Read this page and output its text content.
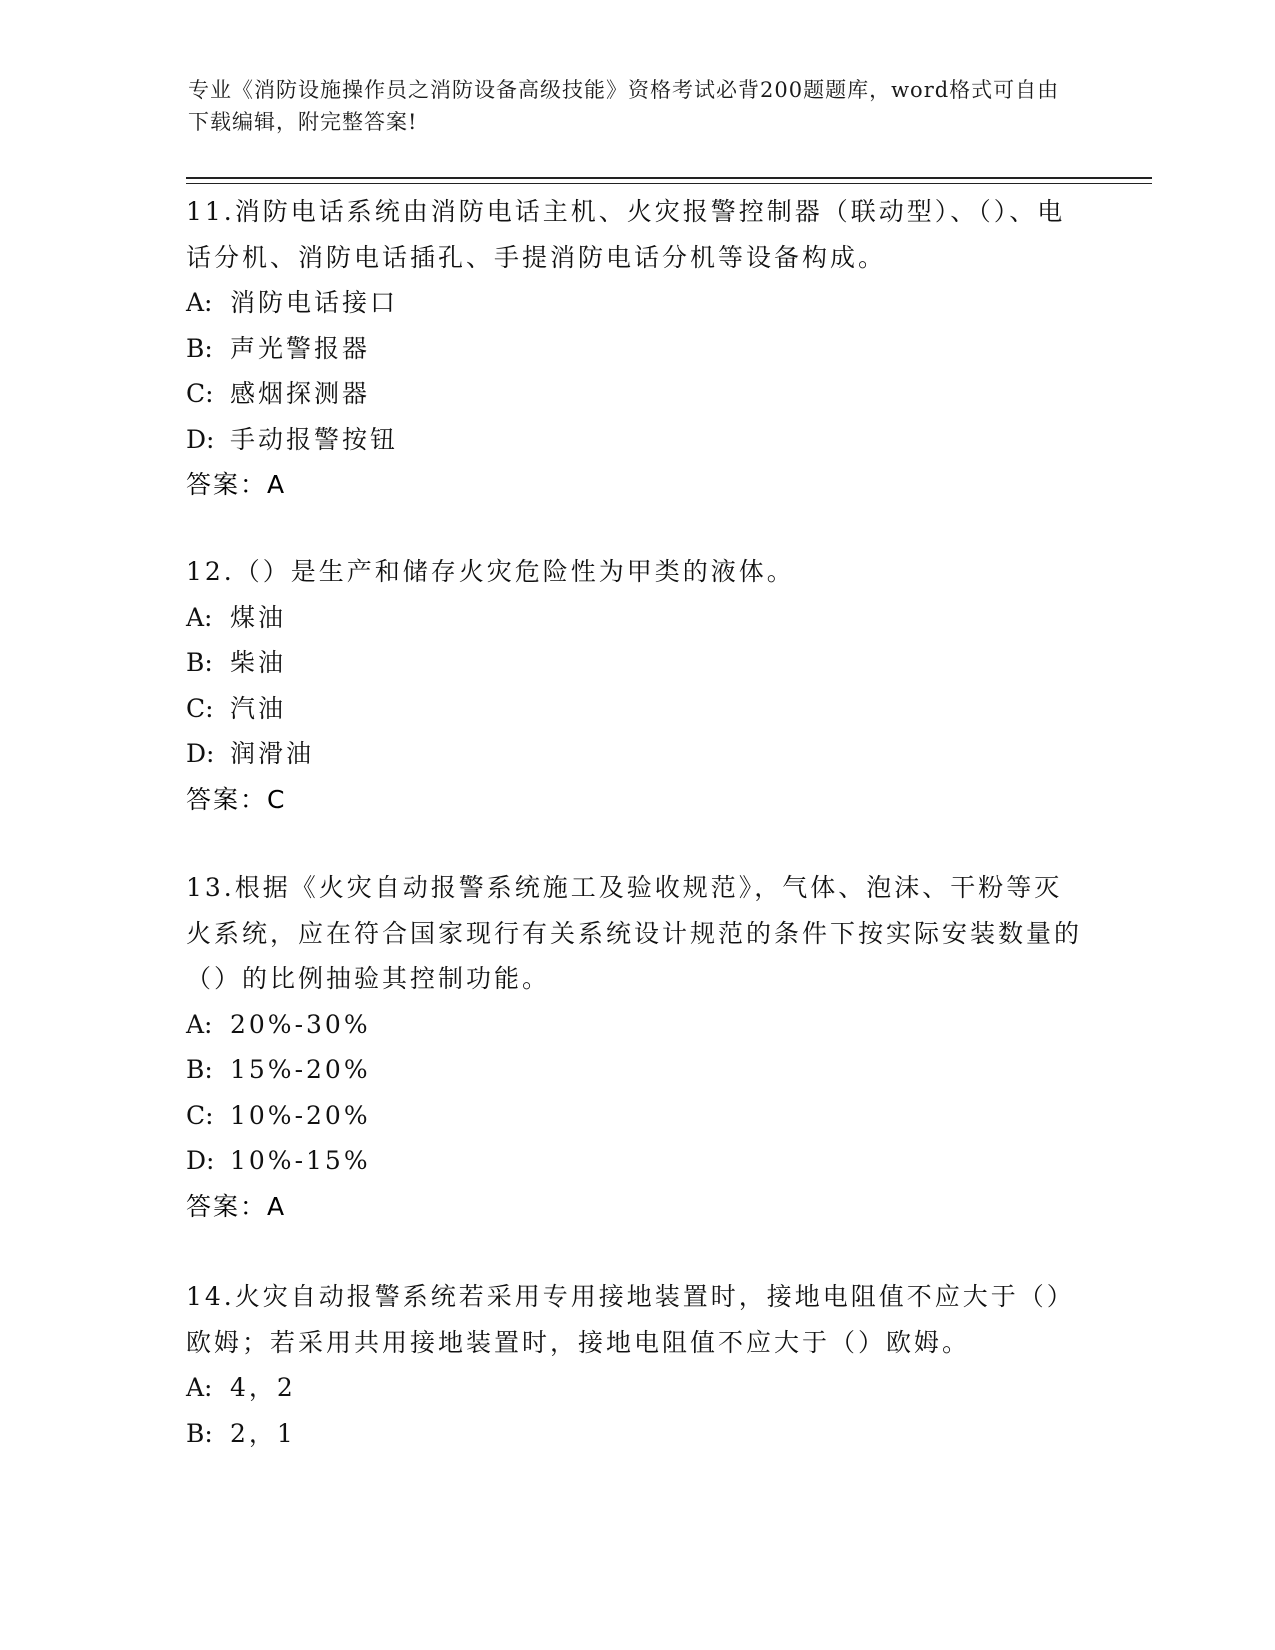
专业《消防设施操作员之消防设备高级技能》资格考试必背200题题库，word格式可自由下载编辑，附完整答案!
11.消防电话系统由消防电话主机、火灾报警控制器（联动型）、（）、电话分机、消防电话插孔、手提消防电话分机等设备构成。
A: 消防电话接口
B: 声光警报器
C: 感烟探测器
D: 手动报警按钮
答案：A
12.（）是生产和储存火灾危险性为甲类的液体。
A: 煤油
B: 柴油
C: 汽油
D: 润滑油
答案：C
13.根据《火灾自动报警系统施工及验收规范》，气体、泡沫、干粉等灭火系统，应在符合国家现行有关系统设计规范的条件下按实际安装数量的（）的比例抽验其控制功能。
A: 20%-30%
B: 15%-20%
C: 10%-20%
D: 10%-15%
答案：A
14.火灾自动报警系统若采用专用接地装置时，接地电阻值不应大于（）欧姆；若采用共用接地装置时，接地电阻值不应大于（）欧姆。
A: 4，2
B: 2，1
